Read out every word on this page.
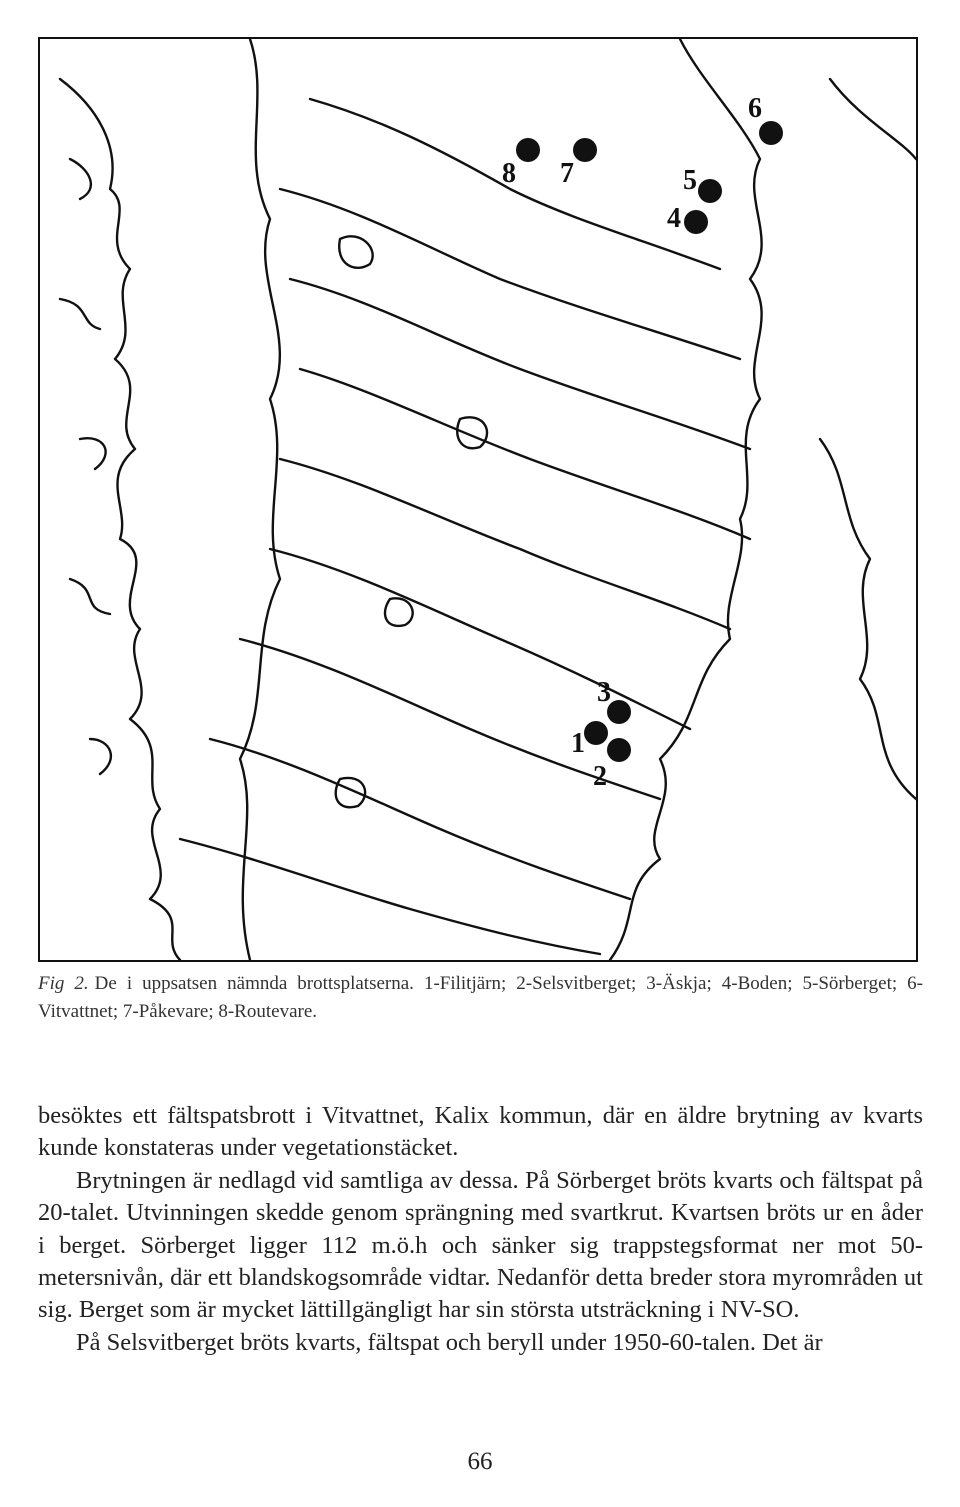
1
2
3
4
5
6
7
8
Fig 2. De i uppsatsen nämnda brottsplatserna. 1-Filitjärn; 2-Selsvitberget; 3-Äskja; 4-Boden; 5-Sörberget; 6-Vitvattnet; 7-Påkevare; 8-Routevare.

besöktes ett fältspatsbrott i Vitvattnet, Kalix kommun, där en äldre brytning av kvarts kunde konstateras under vegetationstäcket.

Brytningen är nedlagd vid samtliga av dessa. På Sörberget bröts kvarts och fältspat på 20-talet. Utvinningen skedde genom sprängning med svartkrut. Kvartsen bröts ur en åder i berget. Sörberget ligger 112 m.ö.h och sänker sig trappstegsformat ner mot 50-metersnivån, där ett blandskogsområde vidtar. Nedanför detta breder stora myrområden ut sig. Berget som är mycket lättillgängligt har sin största utsträckning i NV-SO.

På Selsvitberget bröts kvarts, fältspat och beryll under 1950-60-talen. Det är

66
